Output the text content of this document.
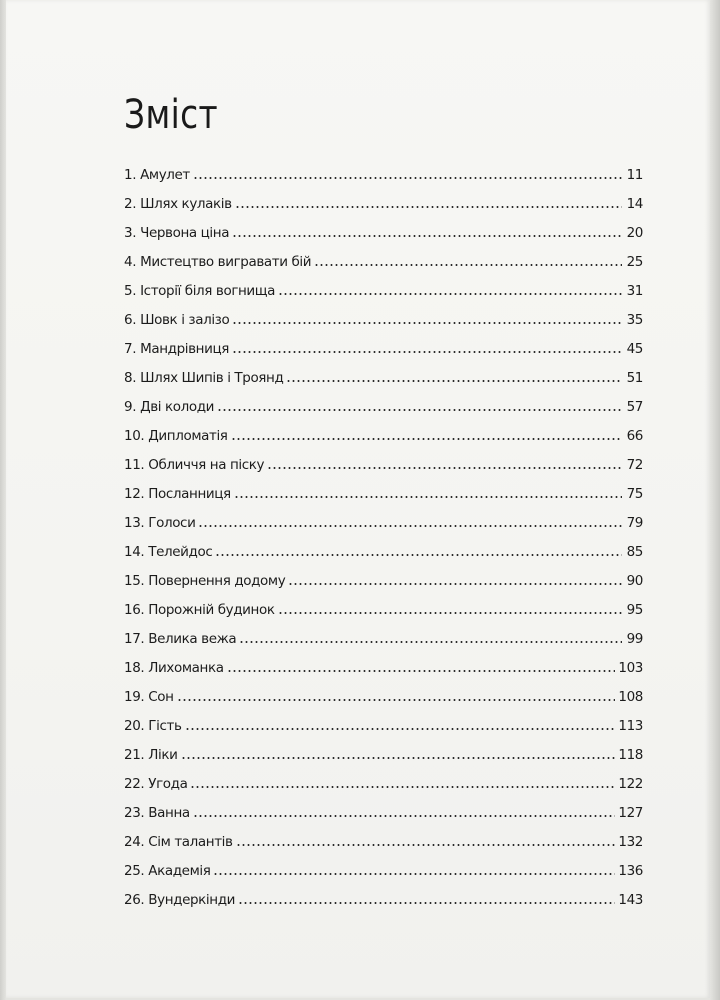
Зміст
1. Амулет	11
2. Шлях кулаків	14
3. Червона ціна	20
4. Мистецтво вигравати бій	25
5. Історії біля вогнища	31
6. Шовк і залізо	35
7. Мандрівниця	45
8. Шлях Шипів і Троянд	51
9. Дві колоди	57
10. Дипломатія	66
11. Обличчя на піску	72
12. Посланниця	75
13. Голоси	79
14. Телейдос	85
15. Повернення додому	90
16. Порожній будинок	95
17. Велика вежа	99
18. Лихоманка	103
19. Сон	108
20. Гість	113
21. Ліки	118
22. Угода	122
23. Ванна	127
24. Сім талантів	132
25. Академія	136
26. Вундеркінди	143
